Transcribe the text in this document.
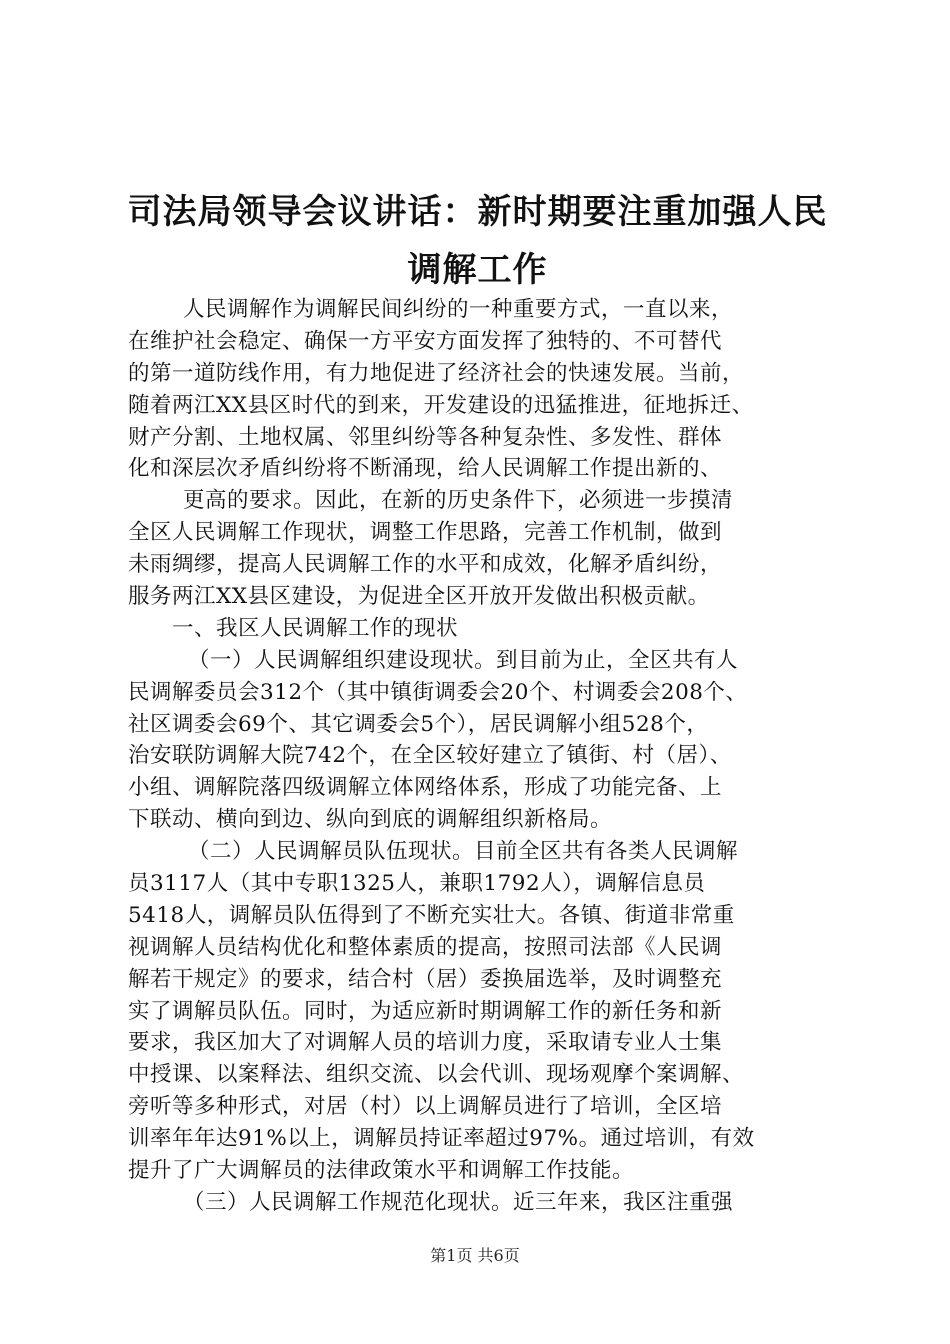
司法局领导会议讲话：新时期要注重加强人民
调解工作
人民调解作为调解民间纠纷的一种重要方式，一直以来，
在维护社会稳定、确保一方平安方面发挥了独特的、不可替代
的第一道防线作用，有力地促进了经济社会的快速发展。当前，
随着两江XX县区时代的到来，开发建设的迅猛推进，征地拆迁、
财产分割、土地权属、邻里纠纷等各种复杂性、多发性、群体
化和深层次矛盾纠纷将不断涌现，给人民调解工作提出新的、
更高的要求。因此，在新的历史条件下，必须进一步摸清
全区人民调解工作现状，调整工作思路，完善工作机制，做到
未雨绸缪，提高人民调解工作的水平和成效，化解矛盾纠纷，
服务两江XX县区建设，为促进全区开放开发做出积极贡献。
一、我区人民调解工作的现状
（一）人民调解组织建设现状。到目前为止，全区共有人
民调解委员会312个（其中镇街调委会20个、村调委会208个、
社区调委会69个、其它调委会5个），居民调解小组528个，
治安联防调解大院742个，在全区较好建立了镇街、村（居）、
小组、调解院落四级调解立体网络体系，形成了功能完备、上
下联动、横向到边、纵向到底的调解组织新格局。
（二）人民调解员队伍现状。目前全区共有各类人民调解
员3117人（其中专职1325人，兼职1792人），调解信息员
5418人，调解员队伍得到了不断充实壮大。各镇、街道非常重
视调解人员结构优化和整体素质的提高，按照司法部《人民调
解若干规定》的要求，结合村（居）委换届选举，及时调整充
实了调解员队伍。同时，为适应新时期调解工作的新任务和新
要求，我区加大了对调解人员的培训力度，采取请专业人士集
中授课、以案释法、组织交流、以会代训、现场观摩个案调解、
旁听等多种形式，对居（村）以上调解员进行了培训，全区培
训率年年达91%以上，调解员持证率超过97%。通过培训，有效
提升了广大调解员的法律政策水平和调解工作技能。
（三）人民调解工作规范化现状。近三年来，我区注重强
第1页 共6页
